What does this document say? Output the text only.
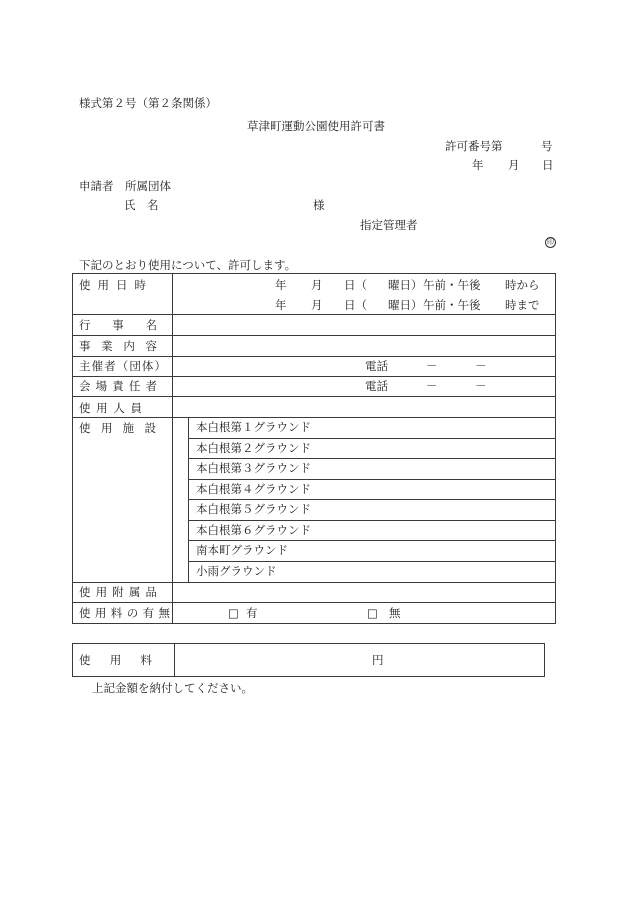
様式第２号（第２条関係）
草津町運動公園使用許可書
許可番号第	号
年 月 日
申請者 所属団体
氏　名	様
指定管理者
印
下記のとおり使用について、許可します。
使 用 日 時	年 月 日（ 曜日） 午前・午後 時から
年 月 日（ 曜日） 午前・午後 時まで
行 事 名
事 業 内 容
主催者（団体）	電話	－	－
会 場 責 任 者	電話	－	－
使 用 人 員
使 用 施 設	本白根第１グラウンド
本白根第２グラウンド
本白根第３グラウンド
本白根第４グラウンド
本白根第５グラウンド
本白根第６グラウンド
南本町グラウンド
小雨グラウンド
使 用 附 属 品
使用料の有無	□ 有	□ 無
使　用　料	円
上記金額を納付してください。
